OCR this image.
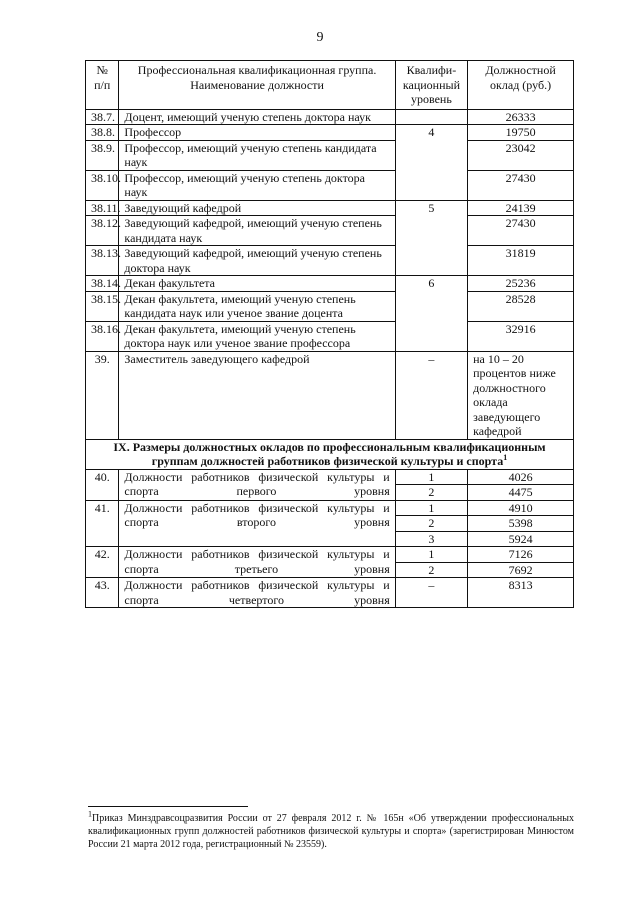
9
№ п/п	Профессиональная квалификационная группа. Наименование должности	Квалифи-кационный уровень	Должностной оклад (руб.)
38.7.	Доцент, имеющий ученую степень доктора наук		26333
38.8.	Профессор	4	19750
38.9.	Профессор, имеющий ученую степень кандидата наук		23042
38.10.	Профессор, имеющий ученую степень доктора наук		27430
38.11.	Заведующий кафедрой	5	24139
38.12.	Заведующий кафедрой, имеющий ученую степень кандидата наук		27430
38.13.	Заведующий кафедрой, имеющий ученую степень доктора наук		31819
38.14.	Декан факультета	6	25236
38.15.	Декан факультета, имеющий ученую степень кандидата наук или ученое звание доцента		28528
38.16.	Декан факультета, имеющий ученую степень доктора наук или ученое звание профессора		32916
39.	Заместитель заведующего кафедрой	–	на 10 – 20 процентов ниже должностного оклада заведующего кафедрой
IX. Размеры должностных окладов по профессиональным квалификационным группам должностей работников физической культуры и спорта$^1$
40.	Должности работников физической культуры и спорта первого уровня	1	4026
		2	4475
41.	Должности работников физической культуры и спорта второго уровня	1	4910
		2	5398
		3	5924
42.	Должности работников физической культуры и спорта третьего уровня	1	7126
		2	7692
43.	Должности работников физической культуры и спорта четвертого уровня	–	8313
$^1$Приказ Минздравсоцразвития России от 27 февраля 2012 г. № 165н «Об утверждении профессиональных квалификационных групп должностей работников физической культуры и спорта» (зарегистрирован Минюстом России 21 марта 2012 года, регистрационный № 23559).
